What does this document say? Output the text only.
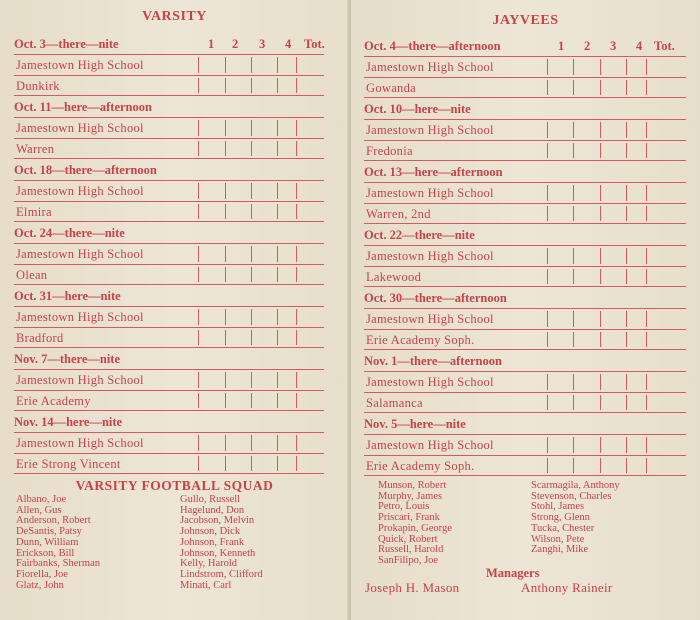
VARSITY
Oct. 3—there—nite	1 2 3 4 Tot.
Jamestown High School
Dunkirk
Oct. 11—here—afternoon
Jamestown High School
Warren
Oct. 18—there—afternoon
Jamestown High School
Elmira
Oct. 24—there—nite
Jamestown High School
Olean
Oct. 31—here—nite
Jamestown High School
Bradford
Nov. 7—there—nite
Jamestown High School
Erie Academy
Nov. 14—here—nite
Jamestown High School
Erie Strong Vincent
VARSITY FOOTBALL SQUAD
Albano, Joe
Allen, Gus
Anderson, Robert
DeSantis, Patsy
Dunn, William
Erickson, Bill
Fairbanks, Sherman
Fiorella, Joe
Glatz, John
Gullo, Russell
Hagelund, Don
Jacobson, Melvin
Johnson, Dick
Johnson, Frank
Johnson, Kenneth
Kelly, Harold
Lindstrom, Clifford
Minati, Carl
JAYVEES
Oct. 4—there—afternoon	1 2 3 4 Tot.
Jamestown High School
Gowanda
Oct. 10—here—nite
Jamestown High School
Fredonia
Oct. 13—here—afternoon
Jamestown High School
Warren, 2nd
Oct. 22—there—nite
Jamestown High School
Lakewood
Oct. 30—there—afternoon
Jamestown High School
Erie Academy Soph.
Nov. 1—there—afternoon
Jamestown High School
Salamanca
Nov. 5—here—nite
Jamestown High School
Erie Academy Soph.
Munson, Robert
Murphy, James
Petro, Louis
Priscari, Frank
Prokapin, George
Quick, Robert
Russell, Harold
SanFilipo, Joe
Scarmagila, Anthony
Stevenson, Charles
Stohl, James
Strong, Glenn
Tucka, Chester
Wilson, Pete
Zanghi, Mike
Managers
Joseph H. Mason	Anthony Raineir
